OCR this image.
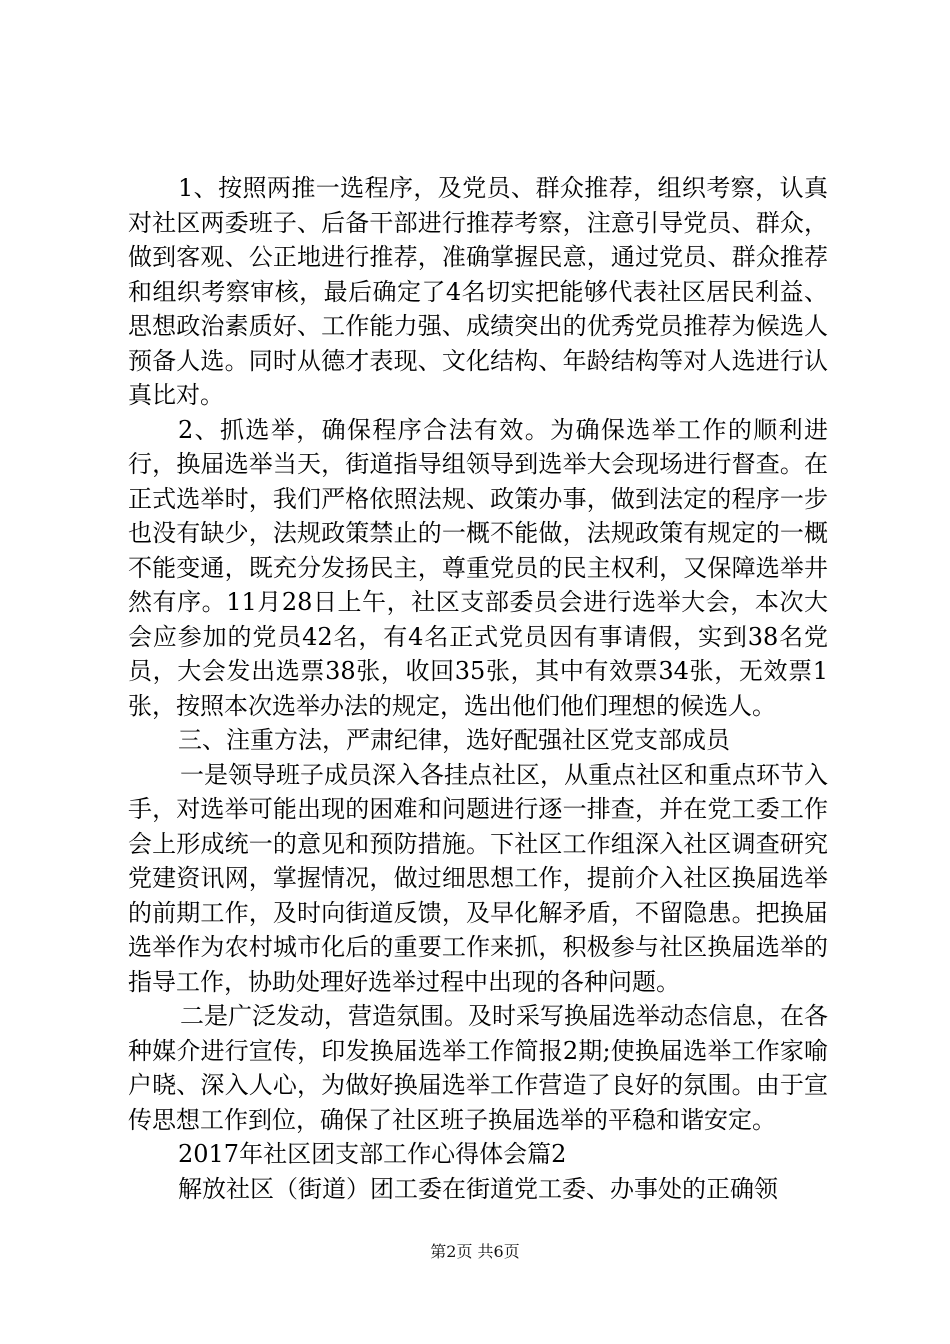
1、按照两推一选程序，及党员、群众推荐，组织考察，认真对社区两委班子、后备干部进行推荐考察，注意引导党员、群众，做到客观、公正地进行推荐，准确掌握民意，通过党员、群众推荐和组织考察审核，最后确定了4名切实把能够代表社区居民利益、思想政治素质好、工作能力强、成绩突出的优秀党员推荐为候选人预备人选。同时从德才表现、文化结构、年龄结构等对人选进行认真比对。

2、抓选举，确保程序合法有效。为确保选举工作的顺利进行，换届选举当天，街道指导组领导到选举大会现场进行督查。在正式选举时，我们严格依照法规、政策办事，做到法定的程序一步也没有缺少，法规政策禁止的一概不能做，法规政策有规定的一概不能变通，既充分发扬民主，尊重党员的民主权利，又保障选举井然有序。11月28日上午，社区支部委员会进行选举大会，本次大会应参加的党员42名，有4名正式党员因有事请假，实到38名党员，大会发出选票38张，收回35张，其中有效票34张，无效票1张，按照本次选举办法的规定，选出他们他们理想的候选人。

三、注重方法，严肃纪律，选好配强社区党支部成员

一是领导班子成员深入各挂点社区，从重点社区和重点环节入手，对选举可能出现的困难和问题进行逐一排查，并在党工委工作会上形成统一的意见和预防措施。下社区工作组深入社区调查研究党建资讯网，掌握情况，做过细思想工作，提前介入社区换届选举的前期工作，及时向街道反馈，及早化解矛盾，不留隐患。把换届选举作为农村城市化后的重要工作来抓，积极参与社区换届选举的指导工作，协助处理好选举过程中出现的各种问题。

二是广泛发动，营造氛围。及时采写换届选举动态信息，在各种媒介进行宣传，印发换届选举工作简报2期;使换届选举工作家喻户晓、深入人心，为做好换届选举工作营造了良好的氛围。由于宣传思想工作到位，确保了社区班子换届选举的平稳和谐安定。

2017年社区团支部工作心得体会篇2

解放社区（街道）团工委在街道党工委、办事处的正确领

第2页 共6页
